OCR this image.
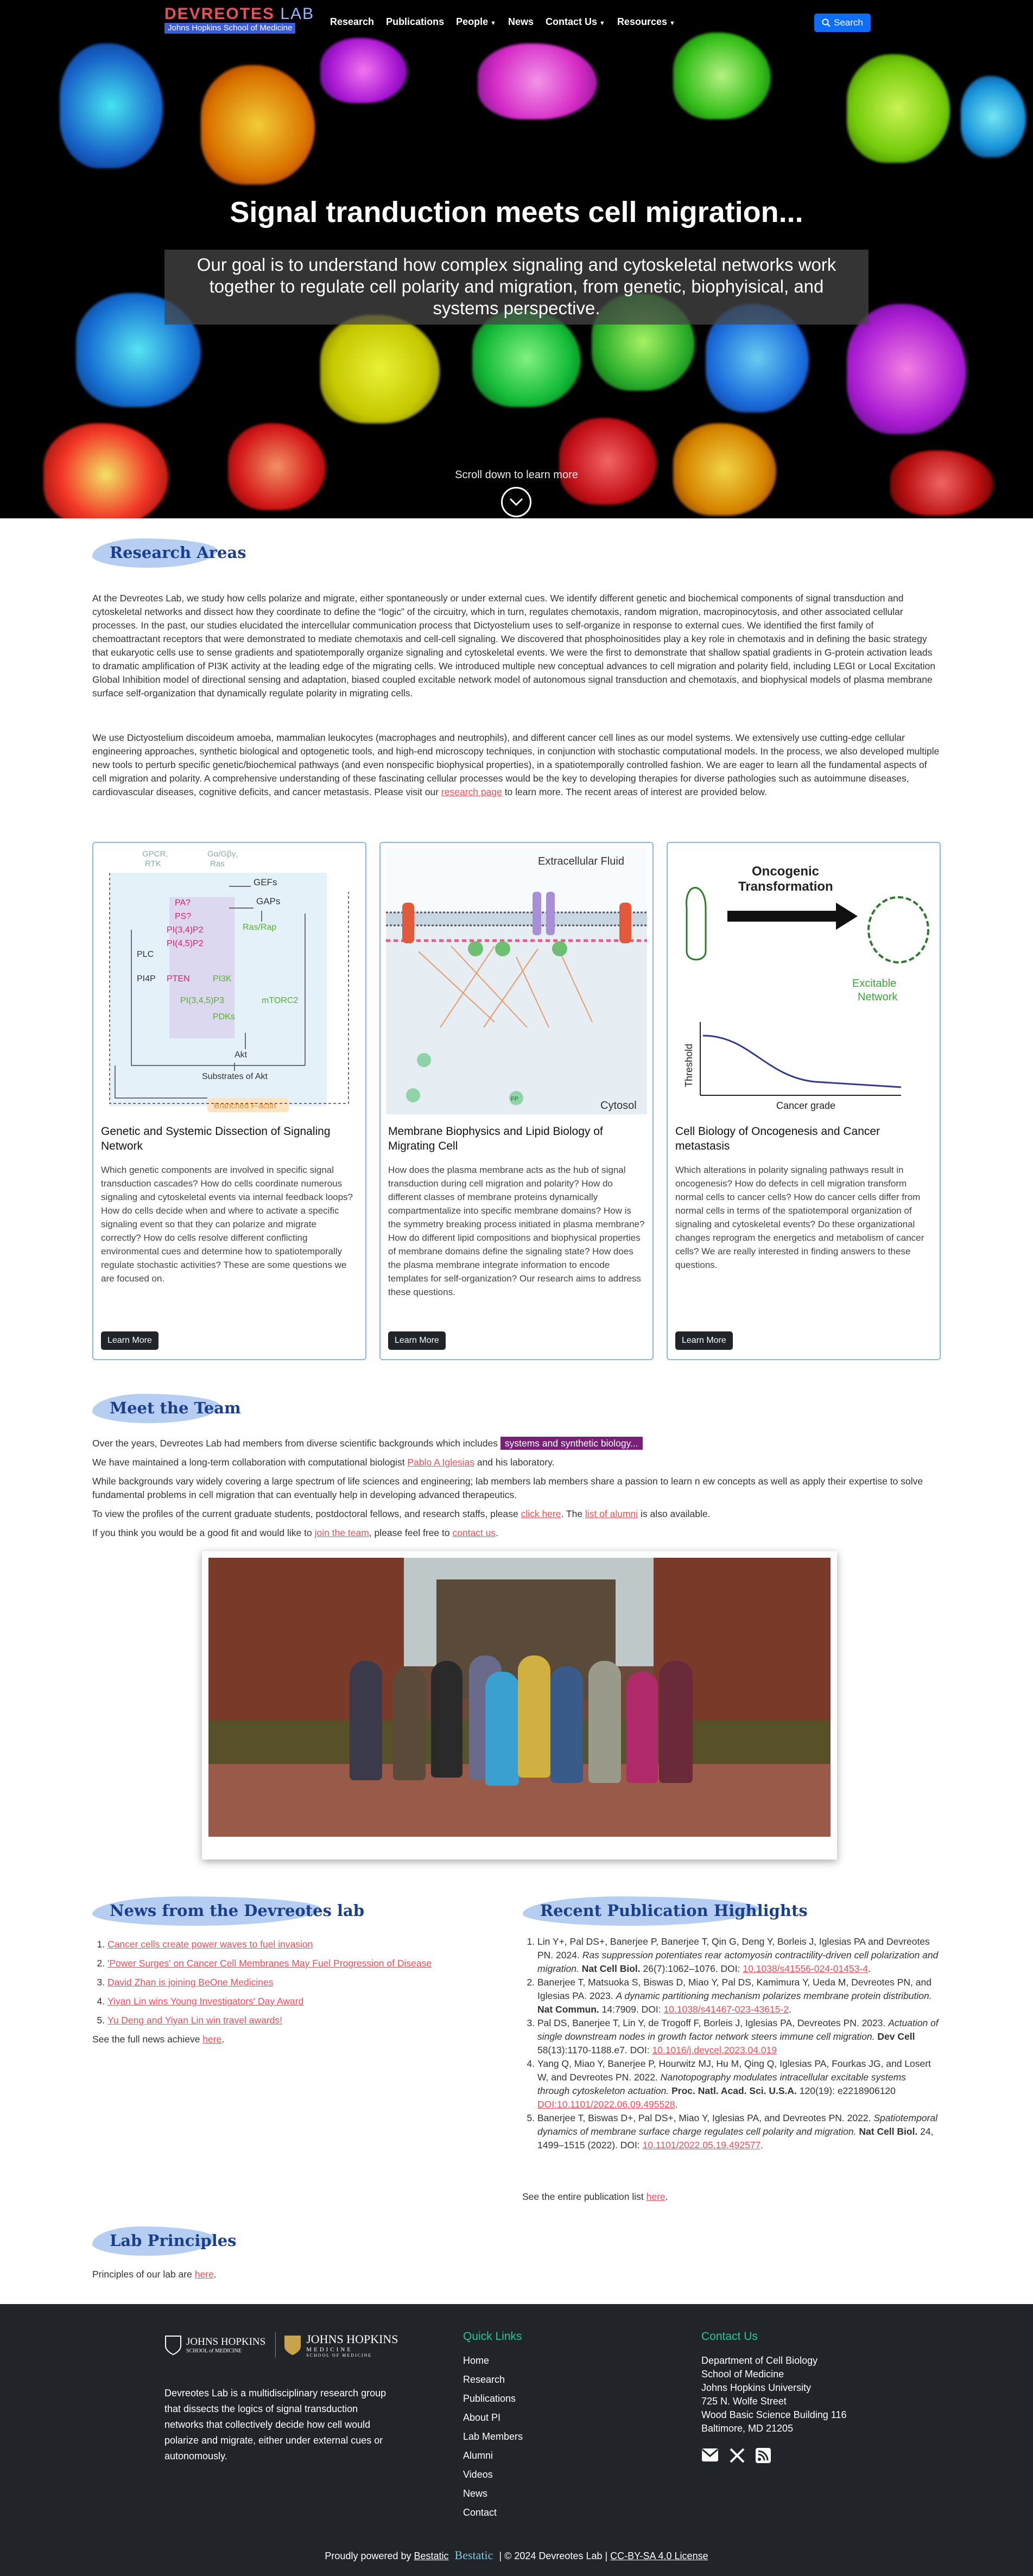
Signal tranduction meets cell migration...
Our goal is to understand how complex signaling and cytoskeletal networks work together to regulate cell polarity and migration, from genetic, biophyisical, and systems perspective.
Scroll down to learn more
DEVREOTES LAB
Johns Hopkins School of Medicine
Research Publications People ▼ News Contact Us ▼ Resources ▼	Search
Research Areas

At the Devreotes Lab, we study how cells polarize and migrate, either spontaneously or under external cues. We identify different genetic and biochemical components of signal transduction and cytoskeletal networks and dissect how they coordinate to define the “logic” of the circuitry, which in turn, regulates chemotaxis, random migration, macropinocytosis, and other associated cellular processes. In the past, our studies elucidated the intercellular communication process that Dictyostelium uses to self-organize in response to external cues. We identified the first family of chemoattractant receptors that were demonstrated to mediate chemotaxis and cell-cell signaling. We discovered that phosphoinositides play a key role in chemotaxis and in defining the basic strategy that eukaryotic cells use to sense gradients and spatiotemporally organize signaling and cytoskeletal events. We were the first to demonstrate that shallow spatial gradients in G-protein activation leads to dramatic amplification of PI3K activity at the leading edge of the migrating cells. We introduced multiple new conceptual advances to cell migration and polarity field, including LEGI or Local Excitation Global Inhibition model of directional sensing and adaptation, biased coupled excitable network model of autonomous signal transduction and chemotaxis, and biophysical models of plasma membrane surface self-organization that dynamically regulate polarity in migrating cells.

We use Dictyostelium discoideum amoeba, mammalian leukocytes (macrophages and neutrophils), and different cancer cell lines as our model systems. We extensively use cutting-edge cellular engineering approaches, synthetic biological and optogenetic tools, and high-end microscopy techniques, in conjunction with stochastic computational models. In the process, we also developed multiple new tools to perturb specific genetic/biochemical pathways (and even nonspecific biophysical properties), in a spatiotemporally controlled fashion. We are eager to learn all the fundamental aspects of cell migration and polarity. A comprehensive understanding of these fascinating cellular processes would be the key to developing therapies for diverse pathologies such as autoimmune diseases, cardiovascular diseases, cognitive deficits, and cancer metastasis. Please visit our research page to learn more. The recent areas of interest are provided below.

GPCR,
RTK
Gα/Gβγ,
Ras
GEFs
GAPs
PA?
PS?
PI(3,4)P2
PI(4,5)P2
Ras/Rap
PLC
PI3K
PI4P PTEN
PI(3,4,5)P3	mTORC2
PDKs
Akt
Substrates of Akt
Branched F-actin
Genetic and Systemic Dissection of Signaling Network
Which genetic components are involved in specific signal transduction cascades? How do cells coordinate numerous signaling and cytoskeletal events via internal feedback loops? How do cells decide when and where to activate a specific signaling event so that they can polarize and migrate correctly? How do cells resolve different conflicting environmental cues and determine how to spatiotemporally regulate stochastic activities? These are some questions we are focused on.
Learn More
Extracellular Fluid
Cytosol
FP
Membrane Biophysics and Lipid Biology of Migrating Cell
How does the plasma membrane acts as the hub of signal transduction during cell migration and polarity? How do different classes of membrane proteins dynamically compartmentalize into specific membrane domains? How is the symmetry breaking process initiated in plasma membrane? How do different lipid compositions and biophysical properties of membrane domains define the signaling state? How does the plasma membrane integrate information to encode templates for self-organization? Our research aims to address these questions.
Learn More
Oncogenic
Transformation
Excitable
Network
Threshold
Cancer grade
Cell Biology of Oncogenesis and Cancer metastasis
Which alterations in polarity signaling pathways result in oncogenesis? How do defects in cell migration transform normal cells to cancer cells? How do cancer cells differ from normal cells in terms of the spatiotemporal organization of signaling and cytoskeletal events? Do these organizational changes reprogram the energetics and metabolism of cancer cells? We are really interested in finding answers to these questions.
Learn More
Meet the Team

Over the years, Devreotes Lab had members from diverse scientific backgrounds which includes systems and synthetic biology...

We have maintained a long-term collaboration with computational biologist Pablo A Iglesias and his laboratory.

While backgrounds vary widely covering a large spectrum of life sciences and engineering; lab members lab members share a passion to learn n ew concepts as well as apply their expertise to solve fundamental problems in cell migration that can eventually help in developing advanced therapeutics.

To view the profiles of the current graduate students, postdoctoral fellows, and research staffs, please click here. The list of alumni is also available.

If you think you would be a good fit and would like to join the team, please feel free to contact us.

News from the Devreotes lab
1. Cancer cells create power waves to fuel invasion
2. 'Power Surges' on Cancer Cell Membranes May Fuel Progression of Disease
3. David Zhan is joining BeOne Medicines
4. Yiyan Lin wins Young Investigators' Day Award
5. Yu Deng and Yiyan Lin win travel awards!

See the full news achieve here.

Recent Publication Highlights
1. Lin Y+, Pal DS+, Banerjee P, Banerjee T, Qin G, Deng Y, Borleis J, Iglesias PA and Devreotes PN. 2024. Ras suppression potentiates rear actomyosin contractility-driven cell polarization and migration. Nat Cell Biol. 26(7):1062–1076. DOI: 10.1038/s41556-024-01453-4.
2. Banerjee T, Matsuoka S, Biswas D, Miao Y, Pal DS, Kamimura Y, Ueda M, Devreotes PN, and Iglesias PA. 2023. A dynamic partitioning mechanism polarizes membrane protein distribution. Nat Commun. 14:7909. DOI: 10.1038/s41467-023-43615-2.
3. Pal DS, Banerjee T, Lin Y, de Trogoff F, Borleis J, Iglesias PA, Devreotes PN. 2023. Actuation of single downstream nodes in growth factor network steers immune cell migration. Dev Cell 58(13):1170-1188.e7. DOI: 10.1016/j.devcel.2023.04.019
4. Yang Q, Miao Y, Banerjee P, Hourwitz MJ, Hu M, Qing Q, Iglesias PA, Fourkas JG, and Losert W, and Devreotes PN. 2022. Nanotopography modulates intracellular excitable systems through cytoskeleton actuation. Proc. Natl. Acad. Sci. U.S.A. 120(19): e2218906120 DOI:10.1101/2022.06.09.495528.
5. Banerjee T, Biswas D+, Pal DS+, Miao Y, Iglesias PA, and Devreotes PN. 2022. Spatiotemporal dynamics of membrane surface charge regulates cell polarity and migration. Nat Cell Biol. 24, 1499–1515 (2022). DOI: 10.1101/2022.05.19.492577.

See the entire publication list here.

Lab Principles

Principles of our lab are here.

JOHNS HOPKINS
SCHOOL of MEDICINE
JOHNS HOPKINS
MEDICINE
SCHOOL OF MEDICINE

Devreotes Lab is a multidisciplinary research group that dissects the logics of signal transduction networks that collectively decide how cell would polarize and migrate, either under external cues or autonomously.

Quick Links
Home
Research
Publications
About PI
Lab Members
Alumni
Videos
News
Contact
Contact Us
Department of Cell Biology
School of Medicine
Johns Hopkins University
725 N. Wolfe Street
Wood Basic Science Building 116
Baltimore, MD 21205
Proudly powered by Bestatic Bestatic | © 2024 Devreotes Lab | CC-BY-SA 4.0 License
